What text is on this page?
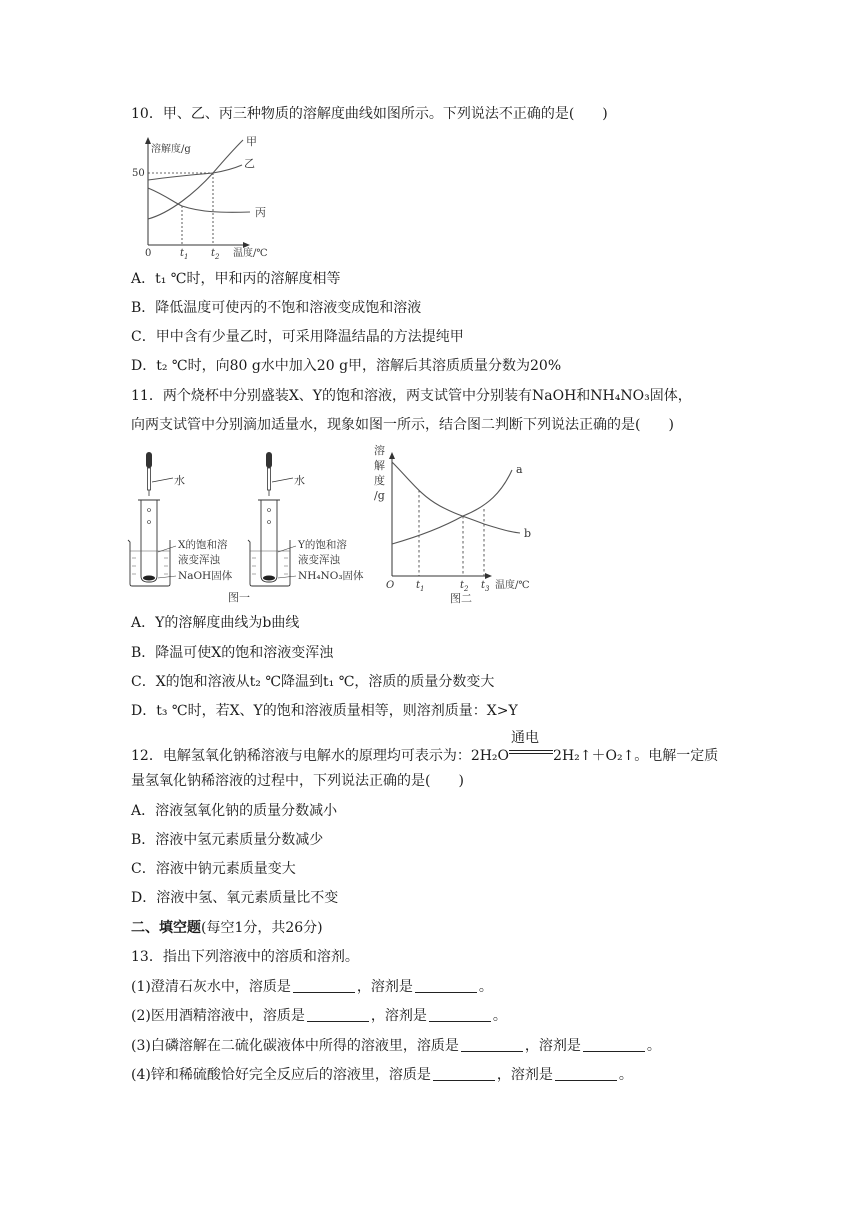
10．甲、乙、丙三种物质的溶解度曲线如图所示。下列说法不正确的是(　　)
溶解度/g
50
0	$t_1$ $t_2$ 温度/℃
甲
乙
丙
A．t₁ ℃时，甲和丙的溶解度相等
B．降低温度可使丙的不饱和溶液变成饱和溶液
C．甲中含有少量乙时，可采用降温结晶的方法提纯甲
D．t₂ ℃时，向80 g水中加入20 g甲，溶解后其溶质质量分数为20%
11．两个烧杯中分别盛装X、Y的饱和溶液，两支试管中分别装有NaOH和NH₄NO₃固体，
向两支试管中分别滴加适量水，现象如图一所示，结合图二判断下列说法正确的是(　　)
水
X的饱和溶
液变浑浊
NaOH固体
水
Y的饱和溶
液变浑浊
NH₄NO₃固体
图一
溶
解
度
/g
O $t_1$	$t_2$ $t_3$ 温度/℃
a
b
图二
A．Y的溶解度曲线为b曲线
B．降温可使X的饱和溶液变浑浊
C．X的饱和溶液从t₂ ℃降温到t₁ ℃，溶质的质量分数变大
D．t₃ ℃时，若X、Y的饱和溶液质量相等，则溶剂质量：X>Y
12．电解氢氧化钠稀溶液与电解水的原理均可表示为：2H₂O
通电
2H₂↑＋O₂↑。电解一定质
量氢氧化钠稀溶液的过程中，下列说法正确的是(　　)
A．溶液氢氧化钠的质量分数减小
B．溶液中氢元素质量分数减少
C．溶液中钠元素质量变大
D．溶液中氢、氧元素质量比不变
二、填空题(每空1分，共26分)
13．指出下列溶液中的溶质和溶剂。
(1)澄清石灰水中，溶质是	，溶剂是	。
(2)医用酒精溶液中，溶质是	，溶剂是	。
(3)白磷溶解在二硫化碳液体中所得的溶液里，溶质是	，溶剂是	。
(4)锌和稀硫酸恰好完全反应后的溶液里，溶质是	，溶剂是	。
